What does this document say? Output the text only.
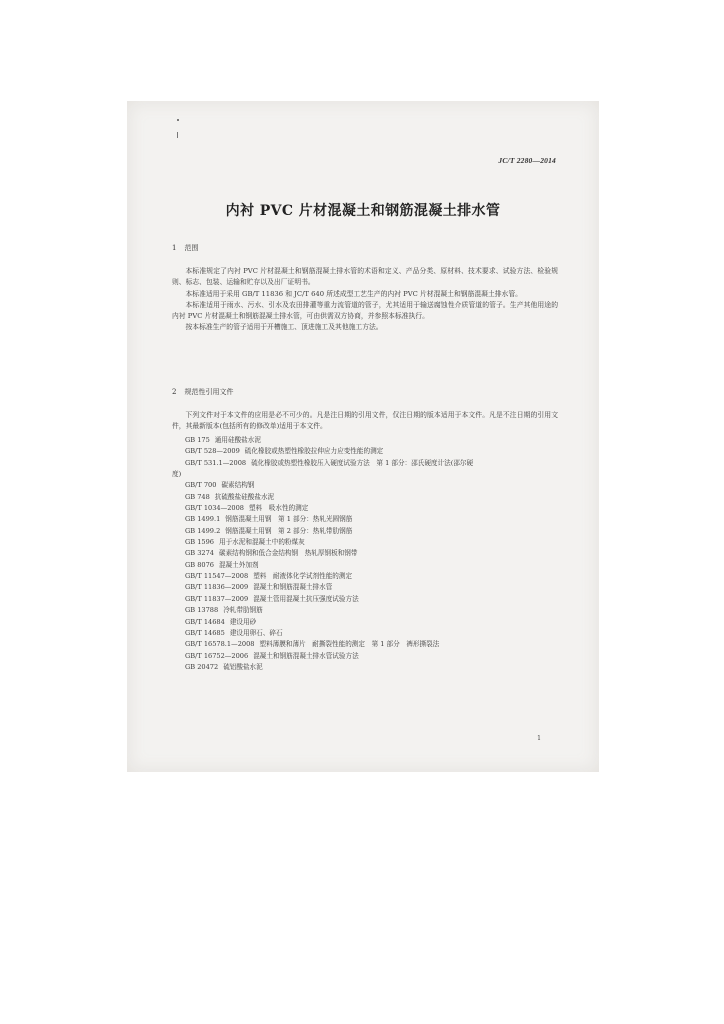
JC/T 2280—2014
内衬 PVC 片材混凝土和钢筋混凝土排水管
1 范围

本标准规定了内衬 PVC 片材混凝土和钢筋混凝土排水管的术语和定义、产品分类、原材料、技术要求、试验方法、检验规则、标志、包装、运输和贮存以及出厂证明书。

本标准适用于采用 GB/T 11836 和 JC/T 640 所述成型工艺生产的内衬 PVC 片材混凝土和钢筋混凝土排水管。

本标准适用于雨水、污水、引水及农田排灌等重力流管道的管子，尤其适用于输送腐蚀性介质管道的管子。生产其他用途的内衬 PVC 片材混凝土和钢筋混凝土排水管，可由供需双方协商，并参照本标准执行。

按本标准生产的管子适用于开槽施工、顶进施工及其他施工方法。

2 规范性引用文件

下列文件对于本文件的应用是必不可少的。凡是注日期的引用文件，仅注日期的版本适用于本文件。凡是不注日期的引用文件，其最新版本(包括所有的修改单)适用于本文件。

GB 175 通用硅酸盐水泥
GB/T 528—2009 硫化橡胶或热塑性橡胶拉伸应力应变性能的测定
GB/T 531.1—2008 硫化橡胶或热塑性橡胶压入硬度试验方法　第 1 部分：邵氏硬度计法(邵尔硬
度)
GB/T 700 碳素结构钢
GB 748 抗硫酸盐硅酸盐水泥
GB/T 1034—2008 塑料　吸水性的测定
GB 1499.1 钢筋混凝土用钢　第 1 部分：热轧光圆钢筋
GB 1499.2 钢筋混凝土用钢　第 2 部分：热轧带肋钢筋
GB 1596 用于水泥和混凝土中的粉煤灰
GB 3274 碳素结构钢和低合金结构钢　热轧厚钢板和钢带
GB 8076 混凝土外加剂
GB/T 11547—2008 塑料　耐液体化学试剂性能的测定
GB/T 11836—2009 混凝土和钢筋混凝土排水管
GB/T 11837—2009 混凝土管用混凝土抗压强度试验方法
GB 13788 冷轧带肋钢筋
GB/T 14684 建设用砂
GB/T 14685 建设用卵石、碎石
GB/T 16578.1—2008 塑料薄膜和薄片　耐撕裂性能的测定　第 1 部分　裤形撕裂法
GB/T 16752—2006 混凝土和钢筋混凝土排水管试验方法
GB 20472 硫铝酸盐水泥
1
